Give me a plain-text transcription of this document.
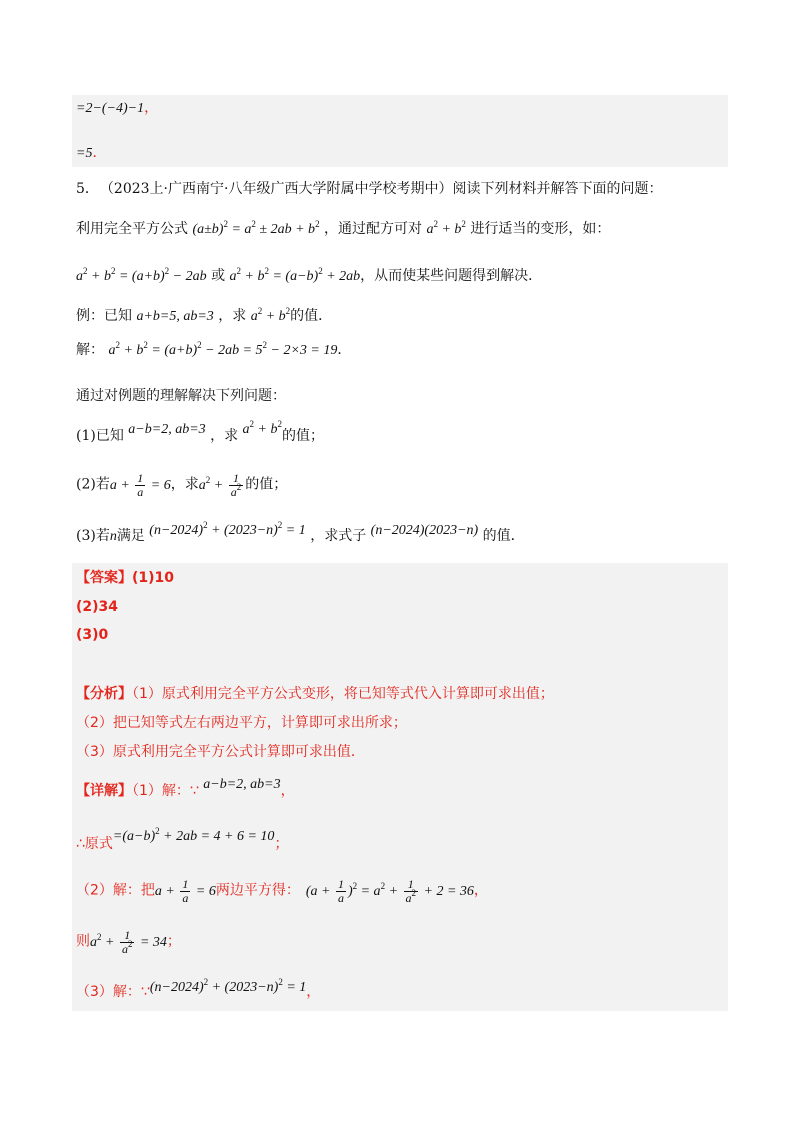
=2−(−4)−1，
=5．
5． （2023上·广西南宁·八年级广西大学附属中学校考期中）阅读下列材料并解答下面的问题：
利用完全平方公式 $(a\pm b)^2 = a^2 \pm 2ab + b^2$ ，通过配方可对 $a^2 + b^2$ 进行适当的变形，如：
$a^2 + b^2 = (a+b)^2 - 2ab$ 或 $a^2 + b^2 = (a-b)^2 + 2ab$，从而使某些问题得到解决．
例：已知 a+b=5, ab=3 ，求 $a^2 + b^2$的值．
解： $a^2 + b^2 = (a+b)^2 - 2ab = 5^2 - 2\times 3 = 19$．
通过对例题的理解解决下列问题：
(1)已知 a−b=2, ab=3 ，求 $a^2 + b^2$的值；
(2)若$a + \frac{1}{a} = 6$，求$a^2 + \frac{1}{a^2}$ 的值；
(3)若n满足 $(n-2024)^2 + (2023-n)^2 = 1$ ，求式子 (n−2024)(2023−n) 的值．
【答案】(1)10
(2)34
(3)0
【分析】（1）原式利用完全平方公式变形，将已知等式代入计算即可求出值；
（2）把已知等式左右两边平方，计算即可求出所求；
（3）原式利用完全平方公式计算即可求出值．
【详解】（1）解：∵ a−b=2, ab=3，
∴原式$=(a-b)^2 + 2ab = 4 + 6 = 10$；
（2）解：把$a + \frac{1}{a} = 6$两边平方得： $(a + \frac{1}{a} )^2 = a^2 + \frac{1}{a^2} + 2 = 36$，
则$a^2 + \frac{1}{a^2} = 34$；
（3）解：$\because(n-2024)^2 + (2023-n)^2 = 1$，
